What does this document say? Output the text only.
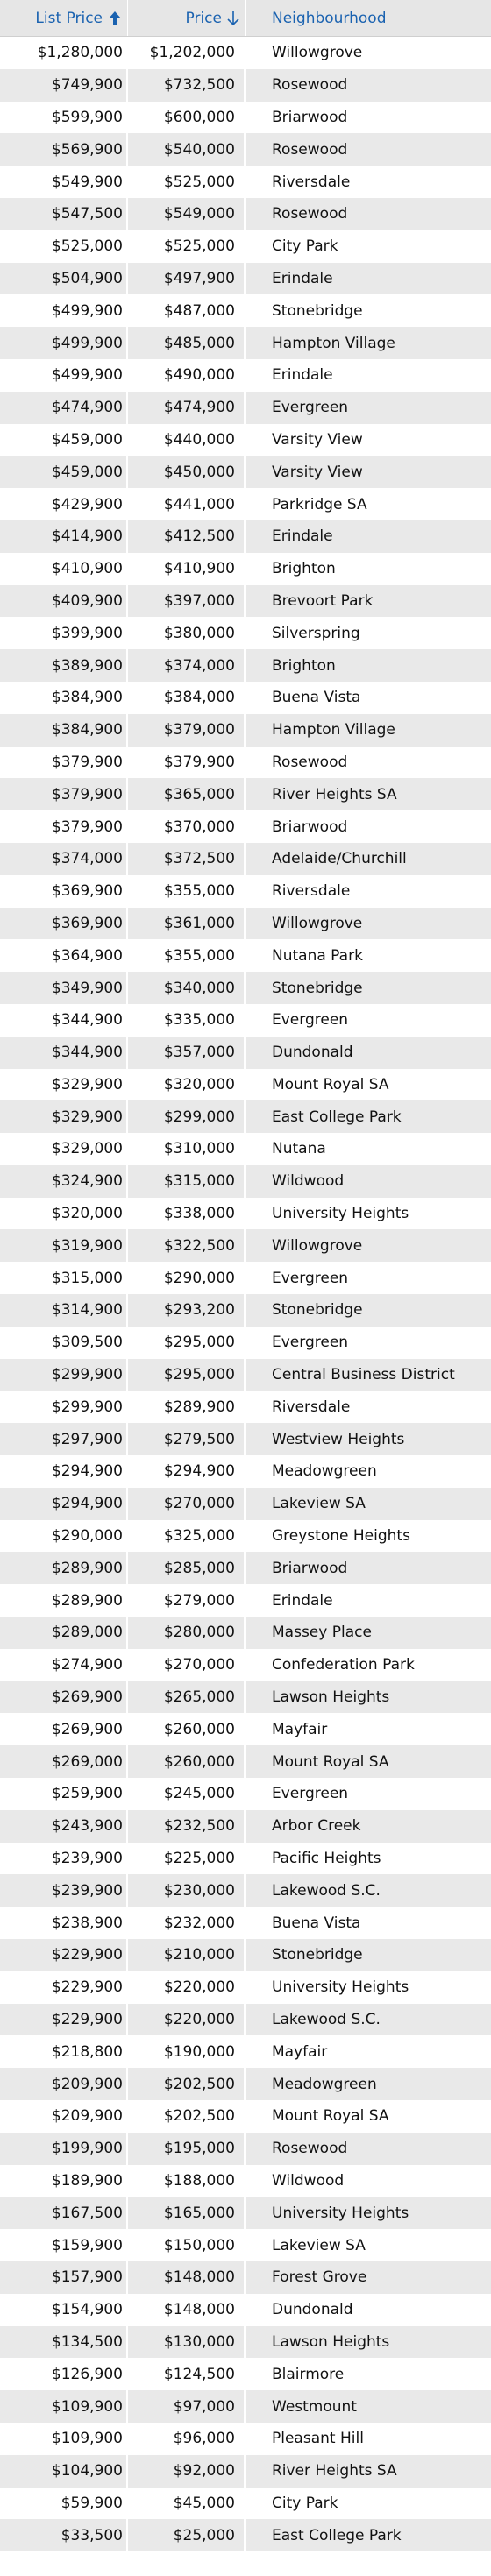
List Price	Price	Neighbourhood
$1,280,000	$1,202,000	Willowgrove
$749,900	$732,500	Rosewood
$599,900	$600,000	Briarwood
$569,900	$540,000	Rosewood
$549,900	$525,000	Riversdale
$547,500	$549,000	Rosewood
$525,000	$525,000	City Park
$504,900	$497,900	Erindale
$499,900	$487,000	Stonebridge
$499,900	$485,000	Hampton Village
$499,900	$490,000	Erindale
$474,900	$474,900	Evergreen
$459,000	$440,000	Varsity View
$459,000	$450,000	Varsity View
$429,900	$441,000	Parkridge SA
$414,900	$412,500	Erindale
$410,900	$410,900	Brighton
$409,900	$397,000	Brevoort Park
$399,900	$380,000	Silverspring
$389,900	$374,000	Brighton
$384,900	$384,000	Buena Vista
$384,900	$379,000	Hampton Village
$379,900	$379,900	Rosewood
$379,900	$365,000	River Heights SA
$379,900	$370,000	Briarwood
$374,000	$372,500	Adelaide/Churchill
$369,900	$355,000	Riversdale
$369,900	$361,000	Willowgrove
$364,900	$355,000	Nutana Park
$349,900	$340,000	Stonebridge
$344,900	$335,000	Evergreen
$344,900	$357,000	Dundonald
$329,900	$320,000	Mount Royal SA
$329,900	$299,000	East College Park
$329,000	$310,000	Nutana
$324,900	$315,000	Wildwood
$320,000	$338,000	University Heights
$319,900	$322,500	Willowgrove
$315,000	$290,000	Evergreen
$314,900	$293,200	Stonebridge
$309,500	$295,000	Evergreen
$299,900	$295,000	Central Business District
$299,900	$289,900	Riversdale
$297,900	$279,500	Westview Heights
$294,900	$294,900	Meadowgreen
$294,900	$270,000	Lakeview SA
$290,000	$325,000	Greystone Heights
$289,900	$285,000	Briarwood
$289,900	$279,000	Erindale
$289,000	$280,000	Massey Place
$274,900	$270,000	Confederation Park
$269,900	$265,000	Lawson Heights
$269,900	$260,000	Mayfair
$269,000	$260,000	Mount Royal SA
$259,900	$245,000	Evergreen
$243,900	$232,500	Arbor Creek
$239,900	$225,000	Pacific Heights
$239,900	$230,000	Lakewood S.C.
$238,900	$232,000	Buena Vista
$229,900	$210,000	Stonebridge
$229,900	$220,000	University Heights
$229,900	$220,000	Lakewood S.C.
$218,800	$190,000	Mayfair
$209,900	$202,500	Meadowgreen
$209,900	$202,500	Mount Royal SA
$199,900	$195,000	Rosewood
$189,900	$188,000	Wildwood
$167,500	$165,000	University Heights
$159,900	$150,000	Lakeview SA
$157,900	$148,000	Forest Grove
$154,900	$148,000	Dundonald
$134,500	$130,000	Lawson Heights
$126,900	$124,500	Blairmore
$109,900	$97,000	Westmount
$109,900	$96,000	Pleasant Hill
$104,900	$92,000	River Heights SA
$59,900	$45,000	City Park
$33,500	$25,000	East College Park
